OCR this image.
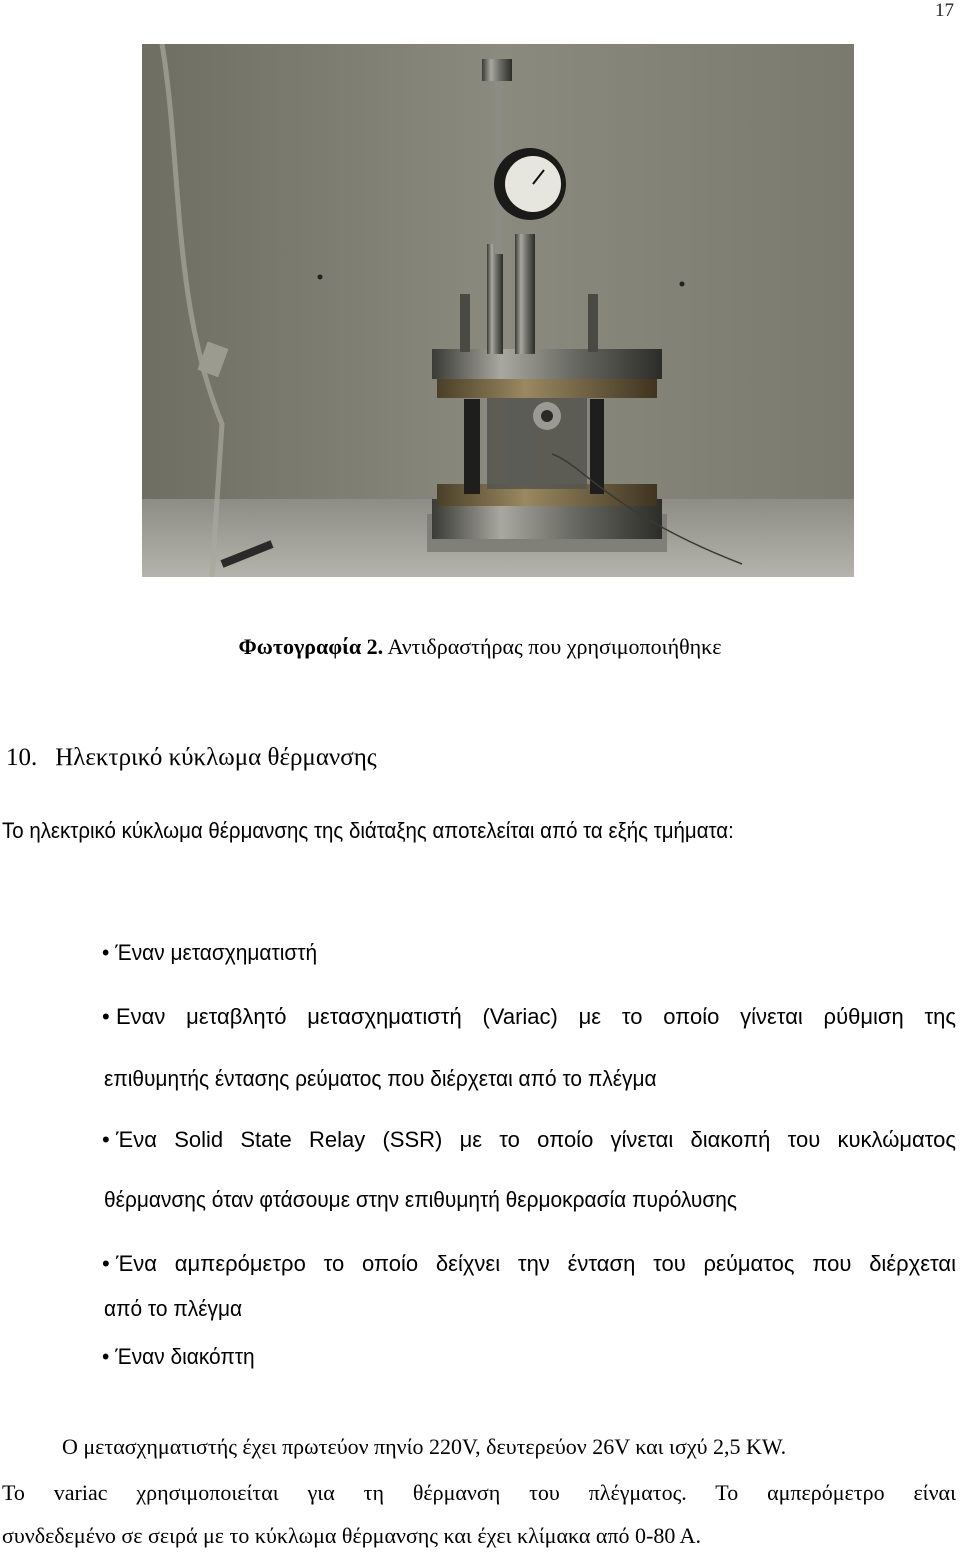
17
Φωτογραφία 2. Αντιδραστήρας που χρησιμοποιήθηκε
10. Ηλεκτρικό κύκλωμα θέρμανσης
Το ηλεκτρικό κύκλωμα θέρμανσης της διάταξης αποτελείται από τα εξής τμήματα:
• Έναν μετασχηματιστή
• Εναν μεταβλητό μετασχηματιστή (Variac) με το οποίο γίνεται ρύθμιση της
επιθυμητής έντασης ρεύματος που διέρχεται από το πλέγμα
• Ένα Solid State Relay (SSR) με το οποίο γίνεται διακοπή του κυκλώματος
θέρμανσης όταν φτάσουμε στην επιθυμητή θερμοκρασία πυρόλυσης
• Ένα αμπερόμετρο το οποίο δείχνει την ένταση του ρεύματος που διέρχεται
από το πλέγμα
• Έναν διακόπτη
Ο μετασχηματιστής έχει πρωτεύον πηνίο 220V, δευτερεύον 26V και ισχύ 2,5 KW.
Το variac χρησιμοποιείται για τη θέρμανση του πλέγματος. Το αμπερόμετρο είναι
συνδεδεμένο σε σειρά με το κύκλωμα θέρμανσης και έχει κλίμακα από 0-80 Α.
